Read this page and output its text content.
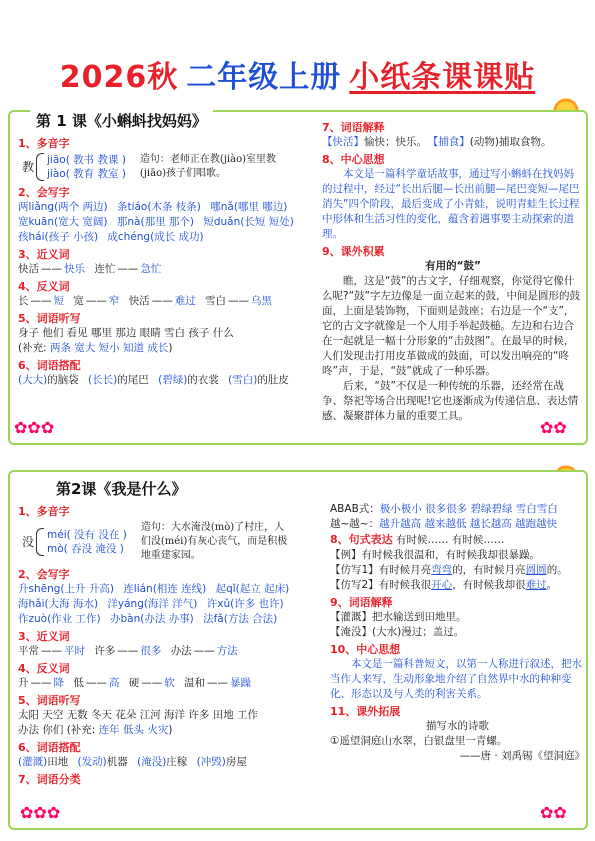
2026秋 二年级上册 小纸条课课贴
第 1 课《小蝌蚪找妈妈》
1、多音字
教 jiāo( 教书 教课 )
jiào( 教育 教室 )
造句：老师正在教(jiào)室里教(jiāo)孩子们唱歌。
2、会写字
两liǎng(两个 两边) 条tiáo(木条 枝条) 哪nǎ(哪里 哪边)
宽kuān(宽大 宽阔) 那nà(那里 那个) 短duǎn(长短 短处)
孩hái(孩子 小孩) 成chéng(成长 成功)
3、近义词
快活 —— 快乐 连忙 —— 急忙
4、反义词
长 —— 短 宽 —— 窄 快活 —— 难过 雪白 —— 乌黑
5、词语听写
身子 他们 看见 哪里 那边 眼睛 雪白 孩子 什么
(补充: 两条 宽大 短小 知道 成长)
6、词语搭配
(大大)的脑袋 (长长)的尾巴 (碧绿)的衣裳 (雪白)的肚皮
7、词语解释
【快活】愉快；快乐。 【捕食】(动物)捕取食物。
8、中心思想
本文是一篇科学童话故事，通过写小蝌蚪在找妈妈的过程中，经过“长出后腿—长出前腿—尾巴变短—尾巴消失”四个阶段，最后变成了小青蛙，说明青蛙生长过程中形体和生活习性的变化，蕴含着遇事要主动探索的道理。
9、课外积累
有用的“鼓”
瞧，这是“鼓”的古文字，仔细观察，你觉得它像什么呢?“鼓”字左边像是一面立起来的鼓，中间是圆形的鼓面，上面是装饰物，下面则是鼓座；右边是一个“支”，它的古文字就像是一个人用手举起鼓槌。左边和右边合在一起就是一幅十分形象的“击鼓图”。在最早的时候，人们发现击打用皮革做成的鼓面，可以发出响亮的“咚咚”声，于是，“鼓”就成了一种乐器。
后来，“鼓”不仅是一种传统的乐器，还经常在战争、祭祀等场合出现呢!它也逐渐成为传递信息、表达情感、凝聚群体力量的重要工具。
✿✿✿	✿✿
第2课《我是什么》
1、多音字
没 méi( 没有 没在 )
mò( 吞没 淹没 )
造句：大水淹没(mò)了村庄，人们没(méi)有灰心丧气，而是积极地重建家园。
2、会写字
升shēng(上升 升高) 连lián(相连 连线) 起qǐ(起立 起床)
海hǎi(大海 海水) 洋yáng(海洋 洋气) 许xǔ(许多 也许)
作zuò(作业 工作) 办bàn(办法 办事) 法fǎ(方法 合法)
3、近义词
平常 —— 平时 许多 —— 很多 办法 —— 方法
4、反义词
升 —— 降 低 —— 高 硬 —— 软 温和 —— 暴躁
5、词语听写
太阳 天空 无数 冬天 花朵 江河 海洋 许多 田地 工作
办法 你们 (补充: 连年 低头 火灾)
6、词语搭配
(灌溉)田地 (发动)机器 (淹没)庄稼 (冲毁)房屋
7、词语分类
ABAB式：极小极小 很多很多 碧绿碧绿 雪白雪白
越~越~：越升越高 越来越低 越长越高 越跑越快
8、句式表达 有时候…… 有时候……
【例】有时候我很温和，有时候我却很暴躁。
【仿写1】有时候月亮弯弯的，有时候月亮圆圆的。
【仿写2】有时候我很开心，有时候我却很难过。
9、词语解释
【灌溉】把水输送到田地里。
【淹没】(大水)漫过；盖过。
10、中心思想
本文是一篇科普短文，以第一人称进行叙述，把水当作人来写，生动形象地介绍了自然界中水的种种变化、形态以及与人类的利害关系。
11、课外拓展
描写水的诗歌
①遥望洞庭山水翠，白银盘里一青螺。
——唐 · 刘禹锡《望洞庭》
✿✿✿	✿✿
